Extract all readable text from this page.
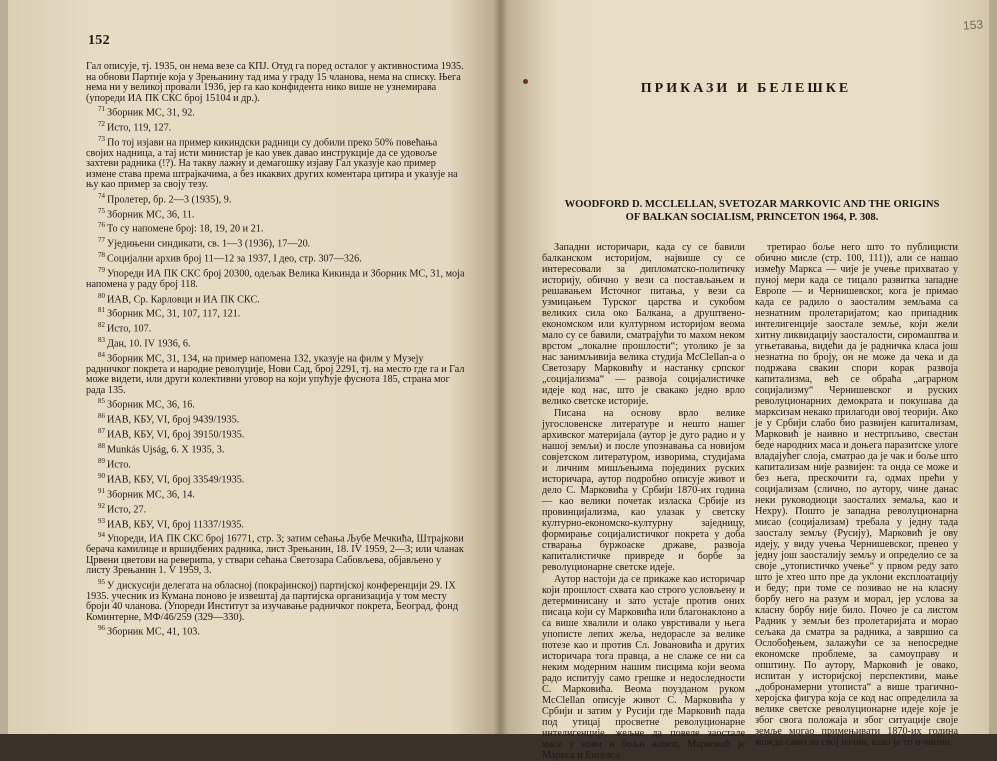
152

Гал описује, тј. 1935, он нема везе са КПЈ. Отуд га поред осталог у активностима 1935. на обнови Партије која у Зрењанину тад има у граду 15 чланова, нема на списку. Његa нема ни у великој провали 1936, јер га као конфидента нико више не узнемирава (упореди ИА ПК СКС број 15104 и др.).

$^{71}$ Зборник МС, 31, 92.

$^{72}$ Исто, 119, 127.

$^{73}$ По тој изјави на пример кикиндски радници су добили преко 50% повећања својих надница, а тај исти министар је као увек давао инструкције да се удовоље захтеви радника (!?). На такву лажну и демагошку изјаву Гал указује као пример измене става према штрајкачима, а без икаквих других коментара цитира и указује на њу као пример за своју тезу.

$^{74}$ Пролетер, бр. 2—3 (1935), 9.

$^{75}$ Зборник МС, 36, 11.

$^{76}$ То су напомене број: 18, 19, 20 и 21.

$^{77}$ Уједињени синдикати, св. 1—3 (1936), 17—20.

$^{78}$ Социјални архив број 11—12 за 1937, I део, стр. 307—326.

$^{79}$ Упореди ИА ПК СКС број 20300, одељак Велика Кикинда и Зборник МС, 31, моја напомена у раду број 118.

$^{80}$ ИАВ, Ср. Карловци и ИА ПК СКС.

$^{81}$ Зборник МС, 31, 107, 117, 121.

$^{82}$ Исто, 107.

$^{83}$ Дан, 10. IV 1936, 6.

$^{84}$ Зборник МС, 31, 134, на пример напомена 132, указује на филм у Музеју радничког покрета и народне револуције, Нови Сад, број 2291, тј. на место где га и Гал може видети, или други колективни уговор на који упућује фуснота 185, страна мог рада 135.

$^{85}$ Зборник МС, 36, 16.

$^{86}$ ИАВ, КБУ, VI, број 9439/1935.

$^{87}$ ИАВ, КБУ, VI, број 39150/1935.

$^{88}$ Munkás Ujság, 6. X 1935, 3.

$^{89}$ Исто.

$^{90}$ ИАВ, КБУ, VI, број 33549/1935.

$^{91}$ Зборник МС, 36, 14.

$^{92}$ Исто, 27.

$^{93}$ ИАВ, КБУ, VI, број 11337/1935.

$^{94}$ Упореди, ИА ПК СКС број 16771, стр. 3; затим сећања Љубе Мечкића, Штрајкови берача камилице и вршидбених радника, лист Зрењанин, 18. IV 1959, 2—3; или чланак Црвени цветови на ревериma, у ствари сећања Светозара Сабовљева, објављено у листу Зрењанин 1. V 1959, 3.

$^{95}$ У дискусији делегата на обласној (покрајинској) партијској конференцији 29. IX 1935. учесник из Кумана поново је извештај да партијска организација у том месту броји 40 чланова. (Упореди Институт за изучавање радничког покрета, Београд, фонд Коминтерне, МФ/46/259 (329—330).

$^{96}$ Зборник МС, 41, 103.

153
ПРИКАЗИ И БЕЛЕШКЕ
WOODFORD D. MCCLELLAN, SVETOZAR MARKOVIC AND THE ORIGINS
OF BALKAN SOCIALISM, PRINCETON 1964, P. 308.

Западни историчари, када су се бавили балканском историјом, највише су се интересовали за дипломатско-политичку историју, обично у вези са постављањем и решавањем Источног питања, у вези са узмицањем Турског царства и сукобом великих сила око Балкана, а друштвено-економском или културном историјом веома мало су се бавили, сматрајући то махом неком врстом „локалне прошлости“; утолико је за нас занимљивија велика студија McClellan-а о Светозару Марковићу и настанку српског „социјализма“ — развоја социјалистичке идеје код нас, што је свакако једно врло велико светске историје.

Писана на основу врло велике југословенске литературе и нешто нашег архивског материјала (аутор је дуго радио и у нашој земљи) и после упознавања са новијом совјетском литературом, изворима, студијама и личним мишљењима појединих руских историчара, аутор подробно описује живот и дело С. Марковића у Србији 1870-их година — као велики почетак изласка Србије из провинцијализма, као улазак у светску културно-економско-културну заједницу, формирање социјалистичког покрета у доба стварања буржоаске државе, развоја капиталистичке привреде и борбе за револуционарне светске идеје.

Аутор настоји да се прикаже као историчар који прошлост схвата као строго условљену и детерминисану и зато устаје против оних писаца који су Марковића или благонаклоно а са више хвалили и олако уврстивали у њега упописте лепих жеља, недорасле за велике потезе као и против Сл. Јовановића и других историчара тога правца, а не слаже се ни са неким модерним нашим писцима који веома радо испитују само грешке и недоследности С. Марковића. Веома поузданом руком McClellan описује живот С. Марковића у Србији и затим у Русији где Марковић пада под утицај просветне револуционарне интелигенције, жељне да повеле заосталe масе у нови и бољи живот. Марковић је Маркса и Енгелса

третирао боље него што то публицисти обично мисле (стр. 100, 111)), али се нашао између Маркса — чије је учење прихватао у пуној мери када се тицало развитка западне Европе — и Чернишевског, кога је примао када се радило о заосталим земљама са незнатним пролетаријатом; као припадник интелигенције заостале земље, који жели хитну ликвидацију заосталости, сиромаштва и угњетавања, видећи да је радничка класа још незнатна по броју, он не може да чека и да подржава свакии спори корак развоја капитализма, већ се обраћа „аграрном социјализму“ Чернишевског и руских револуционарних демократа и покушава да марксизам некако прилагоди овој теорији. Ако је у Србији слабо био развијен капитализам, Марковић је наивно и нестрпљиво, свестан беде народних маса и доњега паразитске улоге владајућег слоја, сматрао да је чак и боље што капитализам није развијен: та онда се може и без њега, прескочити га, одмах прећи у социјализам (слично, по аутору, чине данас неки руководиoци заосталих земаља, као и Нехру). Пошто је западна револуционарна мисао (социјализам) требала у једну тада заосталу земљу (Русију), Марковић је ову идеју, у виду учења Чернишевског, пренео у једну још заосталију земљу и определио се за своје „утопистичко учење“ у првом реду зато што је хтео што пре да уклони експлоатацију и беду; при томе се позивао не на класну борбу него на разум и морал, јер услова за класну борбу није било. Почео је са листом Радник у земљи без пролетаријата и морао сељака да сматра за радника, а завршио са Ослобођењем, залажући се за непосредне економске проблеме, за самоуправу и општину. По аутору, Марковић је овако, испитан у историјској перспективи, мање „добронамерни утописта“ а више трагично-херојска фигура која се код нас определила за велике светске револуционарне идеје које је због свога положаја и због ситуације своје земље могао примењивати 1870-их година можда само на свој начин, како је то и чинио.
